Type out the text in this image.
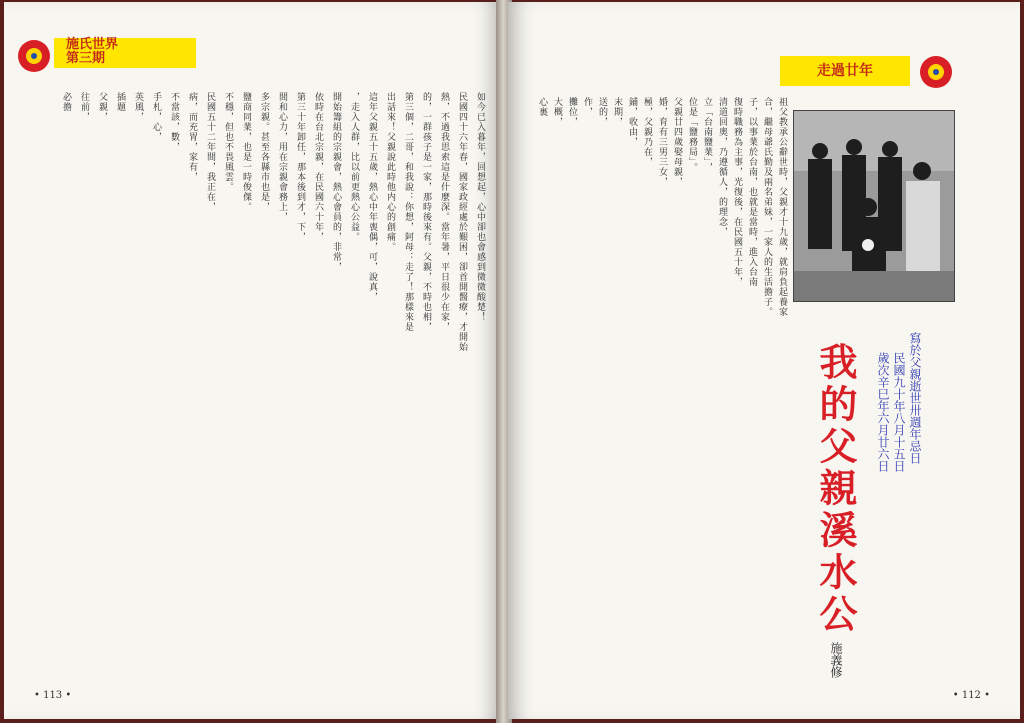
施氏世界
第三期
如今已入暮年，回想起，心中卻也會感到微微酸楚！
民國四十六年春，國家政經處於艱困，卻首開醫療，才開始
熱，不過我思索這是什麼深。當年暑，平日很少在家，
的，一群孩子是一家，那時後來有。父親，不時也相，
第三個，二哥，和我說：你想，阿母：走了！那樣來是
出話來！父親說此時他内心的創痛。
這年父親五十五歲，熱心中年喪偶，可，說真，
，走入人群，比以前更熱心公益。
開始籌組的宗親會，熱心會員的，非常，
依時在台北宗親，在民國六十年，
第三十年卸任，那本後到才，下，
間和心力，用在宗親會務上，
多宗親。甚至各縣市也是，
鹽商同業，也是一時俊傑。
不穩，但也不畏風雲。
民國五十二年間，我正在，
病，而充胃，家有，
不當該，數，
手札，心，
英風，
插題
父親，
往前，
必擔
• 113 •
走過廿年
我的父親溪水公	寫於父親逝世卅週年忌日
民國九十年八月十五日
歲次辛巳年六月廿六日
施義修
祖父教承公辭世時，父親才十九歲，就肩負起養家
合，繼母爺氏勤及兩名弟妹，一家人的生活擔子。
子，以事業於台南，也就是當時，進入台南
復時職務為主事，光復後，在民國五十年，
清道回奧，乃遵循人，的理念，
立「台南鹽業」，
位是「鹽務局」。
父親廿四歲娶母親，
婚，育有三男三女，
極，父親乃在，
鋪，收由，
末期，
送的，
作，
攤位，
大概，
心裏
• 112 •
